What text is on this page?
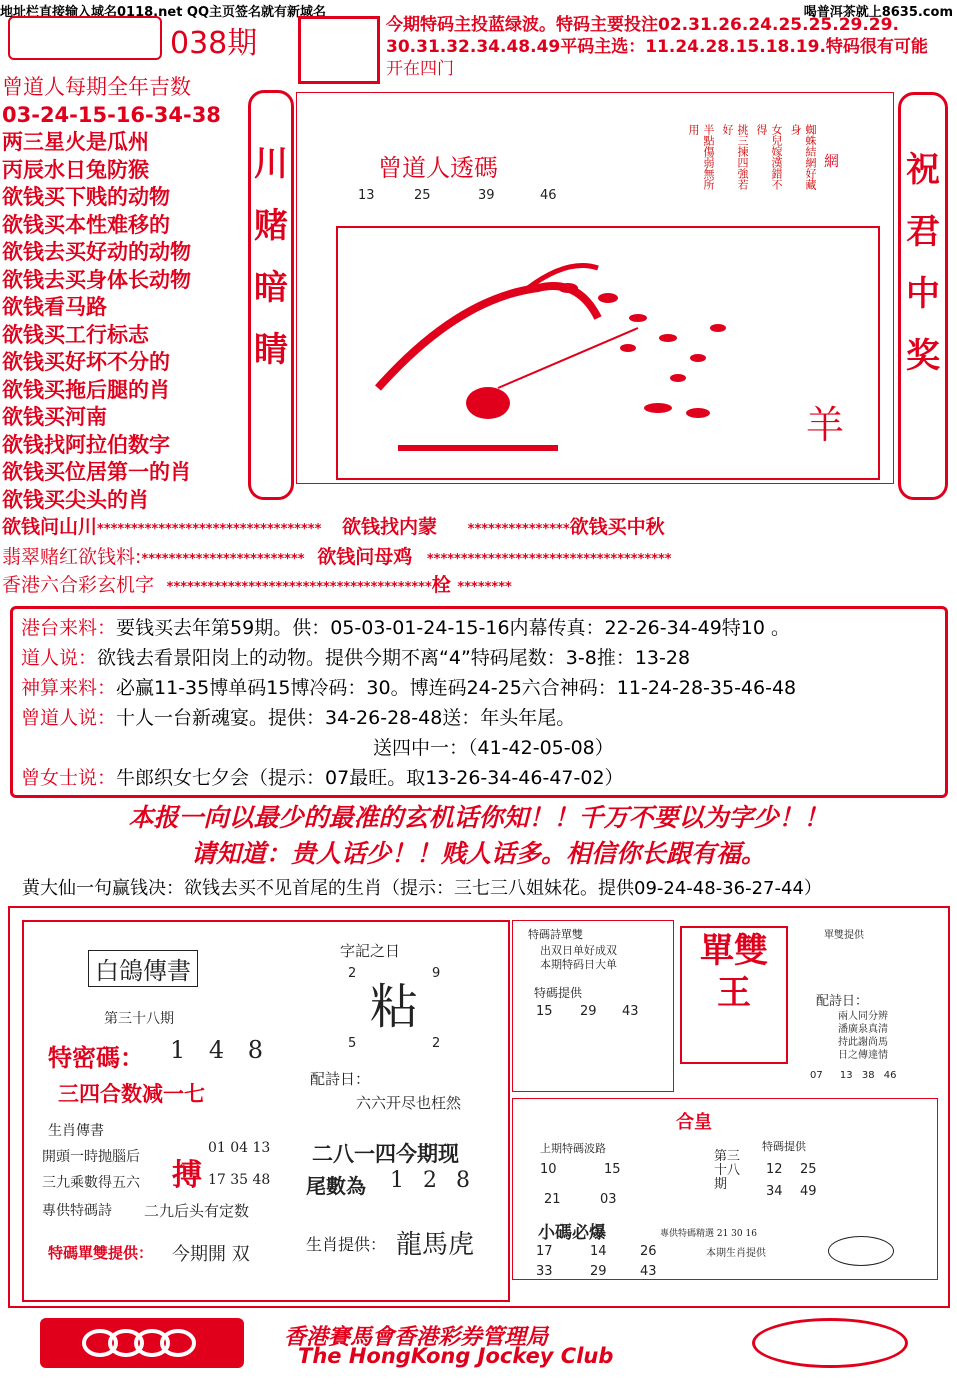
地址栏直接输入域名0118.net QQ主页签名就有新域名	喝普洱茶就上8635.com
038期
今期特码主投蓝绿波。特码主要投注02.31.26.24.25.25.29.29.
30.31.32.34.48.49平码主选：11.24.28.15.18.19.特码很有可能
开在四门
曾道人每期全年吉数
03-24-15-16-34-38
两三星火是瓜州
丙辰水日兔防猴
欲钱买下贱的动物
欲钱买本性难移的
欲钱去买好动的动物
欲钱去买身体长动物
欲钱看马路
欲钱买工行标志
欲钱买好坏不分的
欲钱买拖后腿的肖
欲钱买河南
欲钱找阿拉伯数字
欲钱买位居第一的肖
欲钱买尖头的肖
川
赌
暗
睛
曾道人透碼
13	25	39	46
網
蜘蛛結網好藏身
女兒嫁漢錯不得
挑三揀四強若好
半點傷弱無所用
羊
祝
君
中
奖
欲钱问山川********************************* 欲钱找内蒙 ***************欲钱买中秋
翡翠赌红欲钱料:************************ 欲钱问母鸡 ************************************
香港六合彩玄机字 ***************************************栓 ********
港台来料：要钱买去年第59期。供：05-03-01-24-15-16内幕传真：22-26-34-49特10 。
道人说：欲钱去看景阳岗上的动物。提供今期不离“4”特码尾数：3-8推：13-28
神算来料：必赢11-35博单码15博冷码：30。博连码24-25六合神码：11-24-28-35-46-48
曾道人说：十人一台新魂宴。提供：34-26-28-48送：年头年尾。
送四中一：（41-42-05-08）
曾女士说：牛郎织女七夕会（提示：07最旺。取13-26-34-46-47-02）
本报一向以最少的最准的玄机话你知！！千万不要以为字少！！
请知道：贵人话少！！贱人话多。相信你长跟有福。
黄大仙一句赢钱决：欲钱去买不见首尾的生肖（提示：三七三八姐妹花。提供09-24-48-36-27-44）
白鴿傳書
第三十八期
特密碼： 1 4 8
三四合数减一七
生肖傳書
開頭一時抛腦后
三九乘數得五六
專供特碼詩 二九后头有定数
搏
01 04 13
17 35 48
特碼單雙提供： 今期開 双
字記之日
粘
2	9
5	2
配詩日：
六六开尽也枉然
二八一四今期现
尾數為 1 2 8
生肖提供： 龍馬虎
特碼詩單雙
出双日单好成双
本期特码日大单
特碼提供
15 29 43
單雙王
單雙提供
配詩日：
兩人同分辨
潘廣泉真清
持此謝尚馬
日之傳達情
07 13 38 46
合皇
上期特碼波路	特碼提供
10	15
21	03
第三十八期
12 25
34 49
專供特碼精選 21 30 16
小碼必爆
17	14	26
33	29	43
本期生肖提供
香港賽馬會香港彩券管理局
The HongKong Jockey Club
